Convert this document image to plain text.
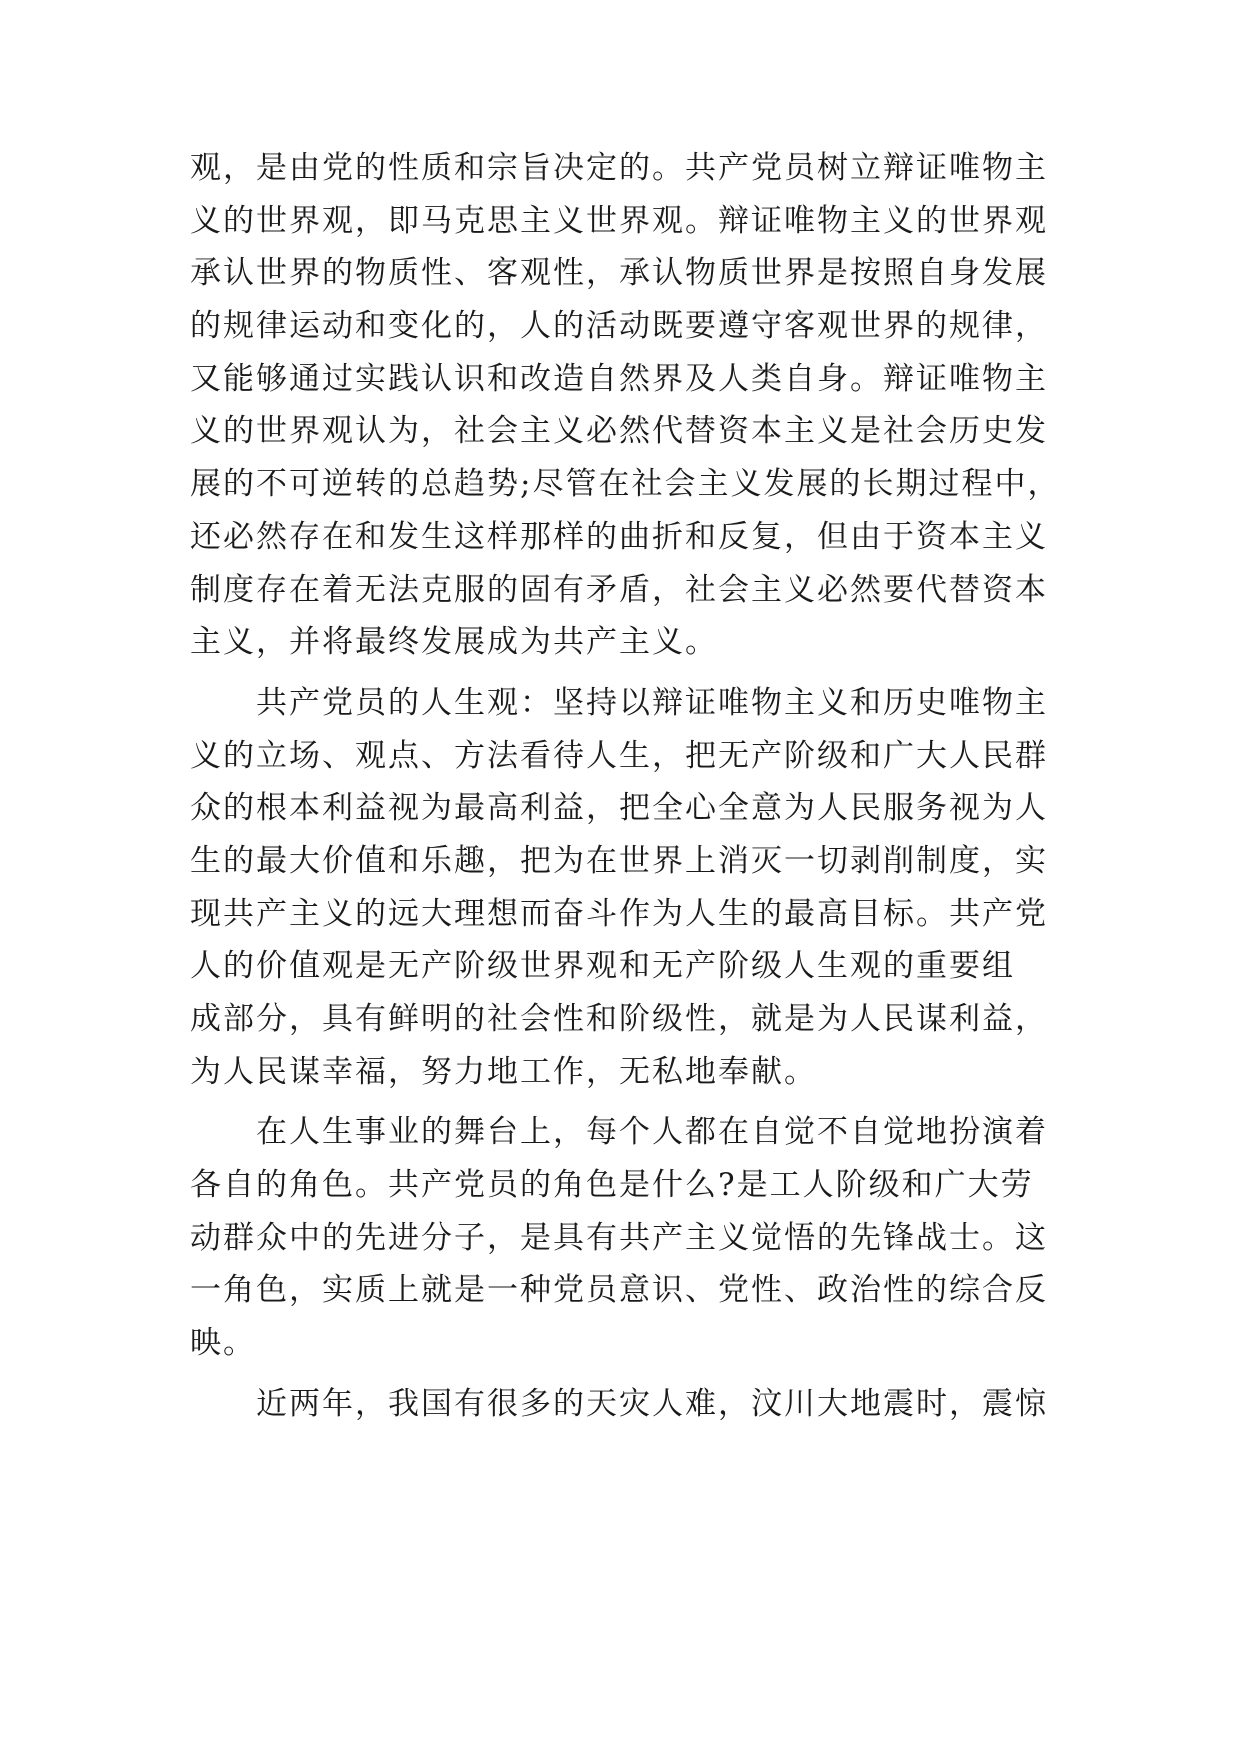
观，是由党的性质和宗旨决定的。共产党员树立辩证唯物主
义的世界观，即马克思主义世界观。辩证唯物主义的世界观
承认世界的物质性、客观性，承认物质世界是按照自身发展
的规律运动和变化的，人的活动既要遵守客观世界的规律，
又能够通过实践认识和改造自然界及人类自身。辩证唯物主
义的世界观认为，社会主义必然代替资本主义是社会历史发
展的不可逆转的总趋势;尽管在社会主义发展的长期过程中，
还必然存在和发生这样那样的曲折和反复，但由于资本主义
制度存在着无法克服的固有矛盾，社会主义必然要代替资本
主义，并将最终发展成为共产主义。
共产党员的人生观：坚持以辩证唯物主义和历史唯物主
义的立场、观点、方法看待人生，把无产阶级和广大人民群
众的根本利益视为最高利益，把全心全意为人民服务视为人
生的最大价值和乐趣，把为在世界上消灭一切剥削制度，实
现共产主义的远大理想而奋斗作为人生的最高目标。共产党
人的价值观是无产阶级世界观和无产阶级人生观的重要组
成部分，具有鲜明的社会性和阶级性，就是为人民谋利益，
为人民谋幸福，努力地工作，无私地奉献。
在人生事业的舞台上，每个人都在自觉不自觉地扮演着
各自的角色。共产党员的角色是什么?是工人阶级和广大劳
动群众中的先进分子，是具有共产主义觉悟的先锋战士。这
一角色，实质上就是一种党员意识、党性、政治性的综合反
映。
近两年，我国有很多的天灾人难，汶川大地震时，震惊
